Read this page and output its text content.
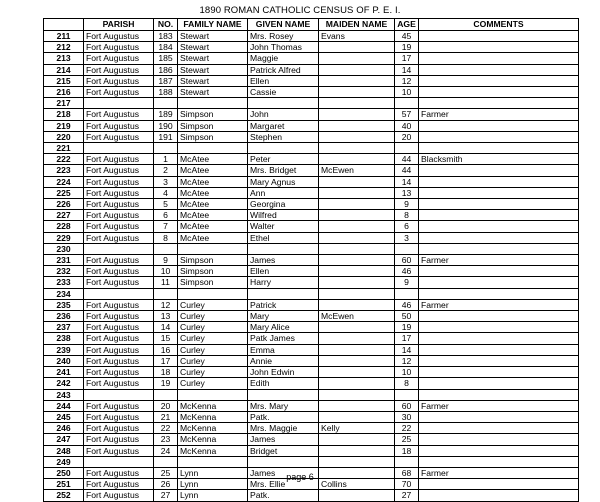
1890 ROMAN CATHOLIC CENSUS OF P. E. I.
	PARISH	NO.	FAMILY NAME	GIVEN NAME	MAIDEN NAME	AGE	COMMENTS
211	Fort Augustus	183	Stewart	Mrs. Rosey	Evans	45	
212	Fort Augustus	184	Stewart	John Thomas		19	
213	Fort Augustus	185	Stewart	Maggie		17	
214	Fort Augustus	186	Stewart	Patrick Alfred		14	
215	Fort Augustus	187	Stewart	Ellen		12	
216	Fort Augustus	188	Stewart	Cassie		10	
217							
218	Fort Augustus	189	Simpson	John		57	Farmer
219	Fort Augustus	190	Simpson	Margaret		40	
220	Fort Augustus	191	Simpson	Stephen		20	
221							
222	Fort Augustus	1	McAtee	Peter		44	Blacksmith
223	Fort Augustus	2	McAtee	Mrs. Bridget	McEwen	44	
224	Fort Augustus	3	McAtee	Mary Agnus		14	
225	Fort Augustus	4	McAtee	Ann		13	
226	Fort Augustus	5	McAtee	Georgina		9	
227	Fort Augustus	6	McAtee	Wilfred		8	
228	Fort Augustus	7	McAtee	Walter		6	
229	Fort Augustus	8	McAtee	Ethel		3	
230							
231	Fort Augustus	9	Simpson	James		60	Farmer
232	Fort Augustus	10	Simpson	Ellen		46	
233	Fort Augustus	11	Simpson	Harry		9	
234							
235	Fort Augustus	12	Curley	Patrick		46	Farmer
236	Fort Augustus	13	Curley	Mary	McEwen	50	
237	Fort Augustus	14	Curley	Mary Alice		19	
238	Fort Augustus	15	Curley	Patk James		17	
239	Fort Augustus	16	Curley	Emma		14	
240	Fort Augustus	17	Curley	Annie		12	
241	Fort Augustus	18	Curley	John Edwin		10	
242	Fort Augustus	19	Curley	Edith		8	
243							
244	Fort Augustus	20	McKenna	Mrs. Mary		60	Farmer
245	Fort Augustus	21	McKenna	Patk.		30	
246	Fort Augustus	22	McKenna	Mrs. Maggie	Kelly	22	
247	Fort Augustus	23	McKenna	James		25	
248	Fort Augustus	24	McKenna	Bridget		18	
249							
250	Fort Augustus	25	Lynn	James		68	Farmer
251	Fort Augustus	26	Lynn	Mrs. Ellie	Collins	70	
252	Fort Augustus	27	Lynn	Patk.		27	
page 6
